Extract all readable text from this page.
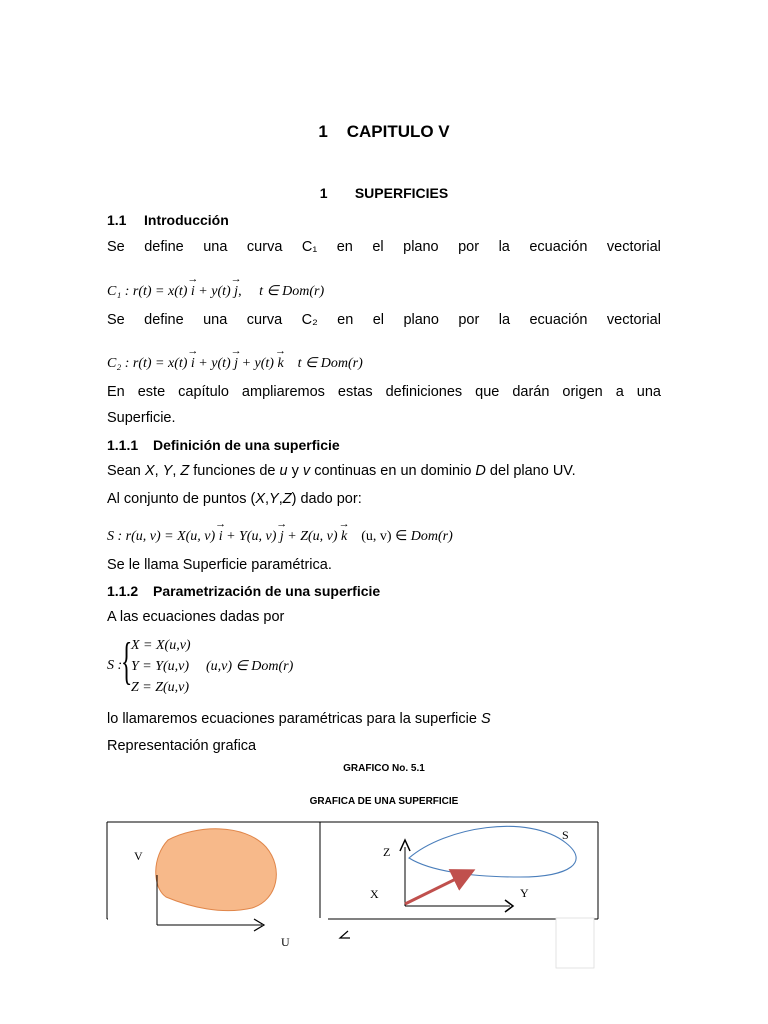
1 CAPITULO V
1 SUPERFICIES
1.1 Introducción
Se define una curva C₁ en el plano por la ecuación vectorial
C₁ : r(t) = x(t) → i + y(t) → j, t ∈ Dom(r)
Se define una curva C₂ en el plano por la ecuación vectorial
C₂ : r(t) = x(t) → i + y(t) → j + y(t) → k t ∈ Dom(r)
En este capítulo ampliaremos estas definiciones que darán origen a una
Superficie.
1.1.1 Definición de una superficie
Sean X, Y, Z funciones de u y v continuas en un dominio D del plano UV.
Al conjunto de puntos (X,Y,Z) dado por:
S : r(u, v) = X(u, v) → i + Y(u, v) → j + Z(u, v) → k (u, v) ∈ Dom(r)
Se le llama Superficie paramétrica.
1.1.2 Parametrización de una superficie
A las ecuaciones dadas por
S :
{
X = X(u,v)
Y = Y(u,v)
Z = Z(u,v)
(u,v) ∈ Dom(r)
lo llamaremos ecuaciones paramétricas para la superficie S
Representación grafica
GRAFICO No. 5.1
GRAFICA DE UNA SUPERFICIE
V
U
Z
X	Y
S
